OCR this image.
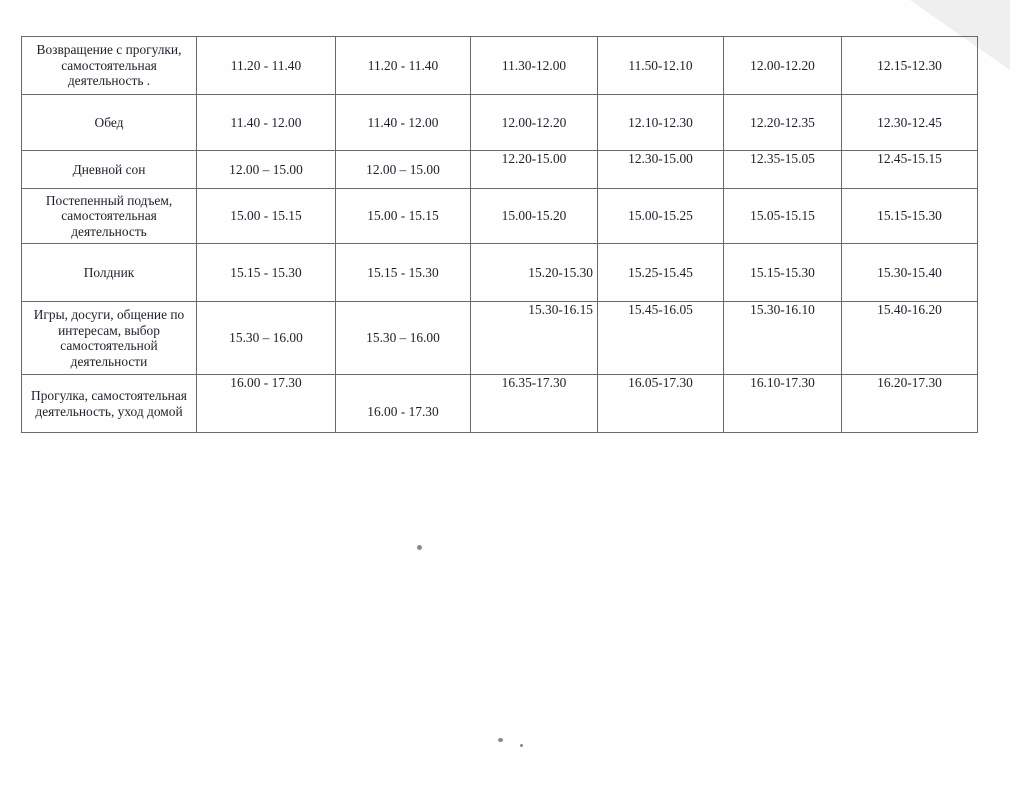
Возвращение с прогулки, самостоятельная деятельность .	11.20 - 11.40	11.20 - 11.40	11.30-12.00	11.50-12.10	12.00-12.20	12.15-12.30
Обед	11.40 - 12.00	11.40 - 12.00	12.00-12.20	12.10-12.30	12.20-12.35	12.30-12.45
Дневной сон	12.00 – 15.00	12.00 – 15.00	12.20-15.00	12.30-15.00	12.35-15.05	12.45-15.15
Постепенный подъем, самостоятельная деятельность	15.00 - 15.15	15.00 - 15.15	15.00-15.20	15.00-15.25	15.05-15.15	15.15-15.30
Полдник	15.15 - 15.30	15.15 - 15.30	15.20-15.30	15.25-15.45	15.15-15.30	15.30-15.40
Игры, досуги, общение по интересам, выбор самостоятельной деятельности	15.30 – 16.00	15.30 – 16.00	15.30-16.15	15.45-16.05	15.30-16.10	15.40-16.20
Прогулка, самостоятельная деятельность, уход домой	16.00 - 17.30	16.00 - 17.30	16.35-17.30	16.05-17.30	16.10-17.30	16.20-17.30
